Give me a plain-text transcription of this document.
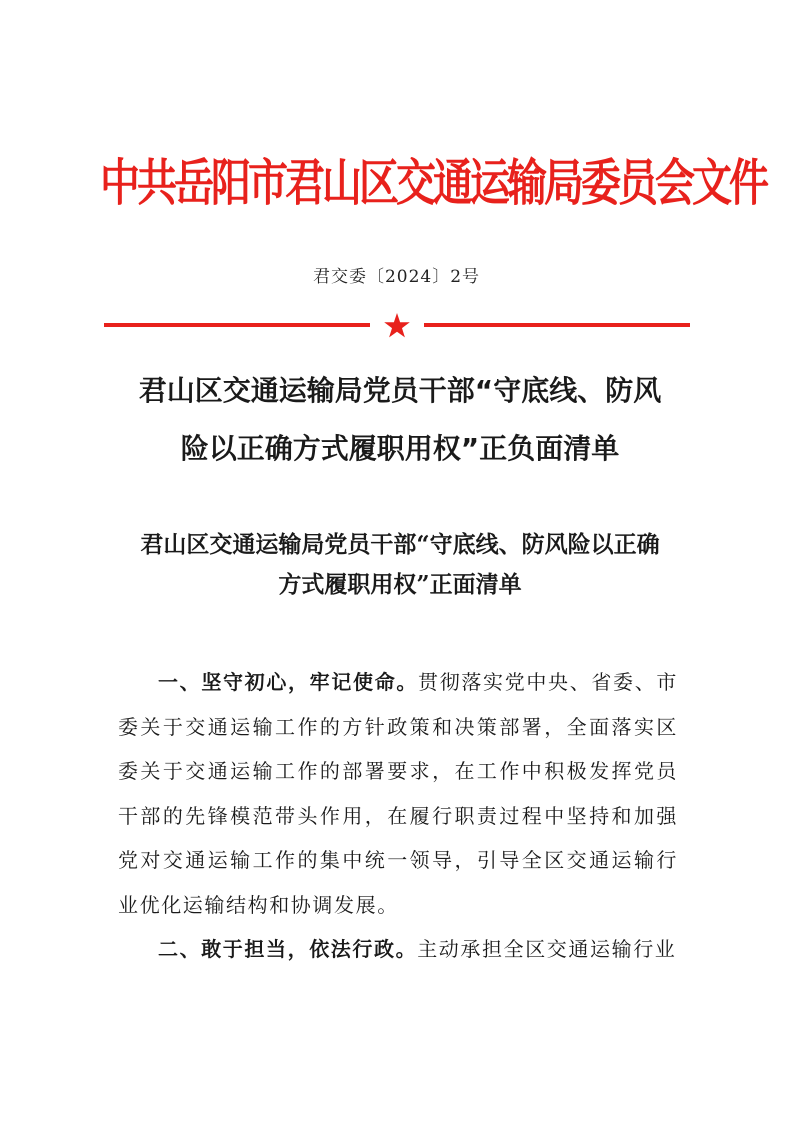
中共岳阳市君山区交通运输局委员会文件
君交委〔2024〕2号
君山区交通运输局党员干部“守底线、防风
险以正确方式履职用权”正负面清单
君山区交通运输局党员干部“守底线、防风险以正确
方式履职用权”正面清单

一、坚守初心，牢记使命。贯彻落实党中央、省委、市委关于交通运输工作的方针政策和决策部署，全面落实区委关于交通运输工作的部署要求，在工作中积极发挥党员干部的先锋模范带头作用，在履行职责过程中坚持和加强党对交通运输工作的集中统一领导，引导全区交通运输行业优化运输结构和协调发展。

二、敢于担当，依法行政。主动承担全区交通运输行业
